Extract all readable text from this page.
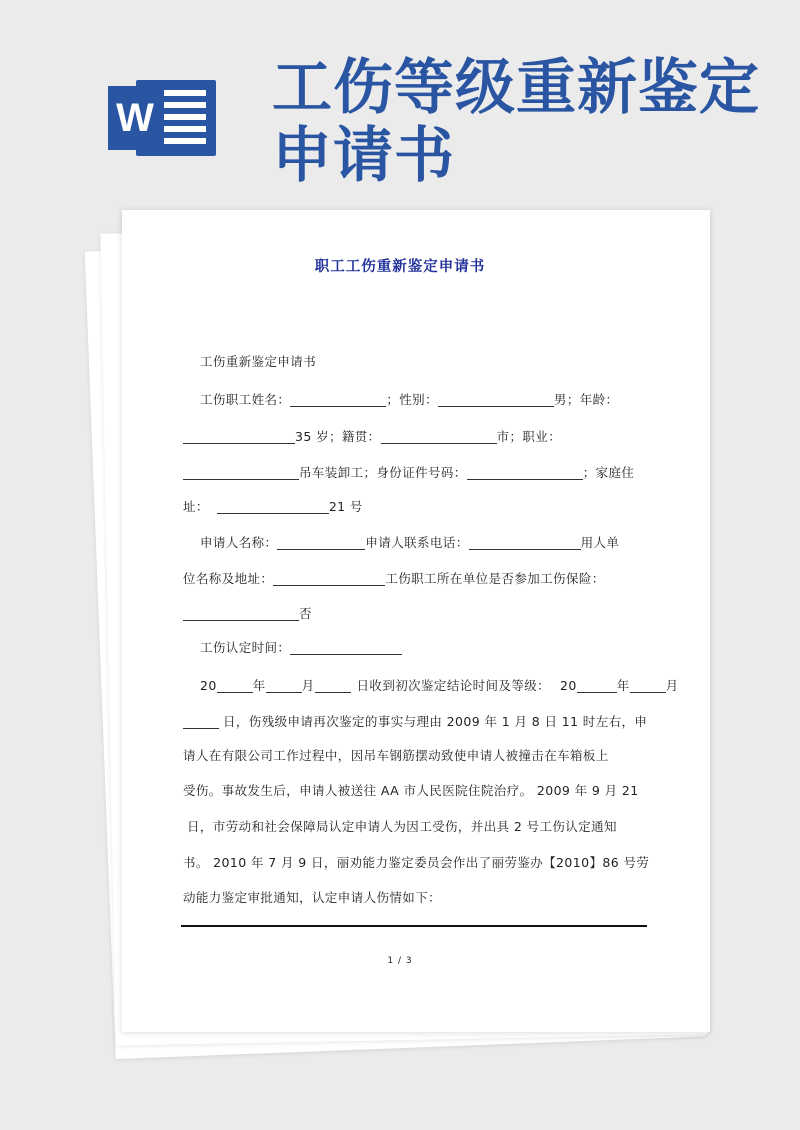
W 工伤等级重新鉴定
申请书
职工工伤重新鉴定申请书
工伤重新鉴定申请书
工伤职工姓名：	；性别：	男；年龄：
35 岁；籍贯：	市；职业：
吊车装卸工；身份证件号码：	；家庭住
址：	21 号
申请人名称：	申请人联系电话：	用人单
位名称及地址：	工伤职工所在单位是否参加工伤保险：
否
工伤认定时间：
20	年	月	日收到初次鉴定结论时间及等级： 20	年	月
日，伤残级申请再次鉴定的事实与理由 2009 年 1 月 8 日 11 时左右，申
请人在有限公司工作过程中，因吊车钢筋摆动致使申请人被撞击在车箱板上
受伤。事故发生后，申请人被送往 AA 市人民医院住院治疗。 2009 年 9 月 21
日，市劳动和社会保障局认定申请人为因工受伤，并出具 2 号工伤认定通知
书。 2010 年 7 月 9 日，丽劝能力鉴定委员会作出了丽劳鉴办【2010】86 号劳
动能力鉴定审批通知，认定申请人伤情如下：
1 / 3
